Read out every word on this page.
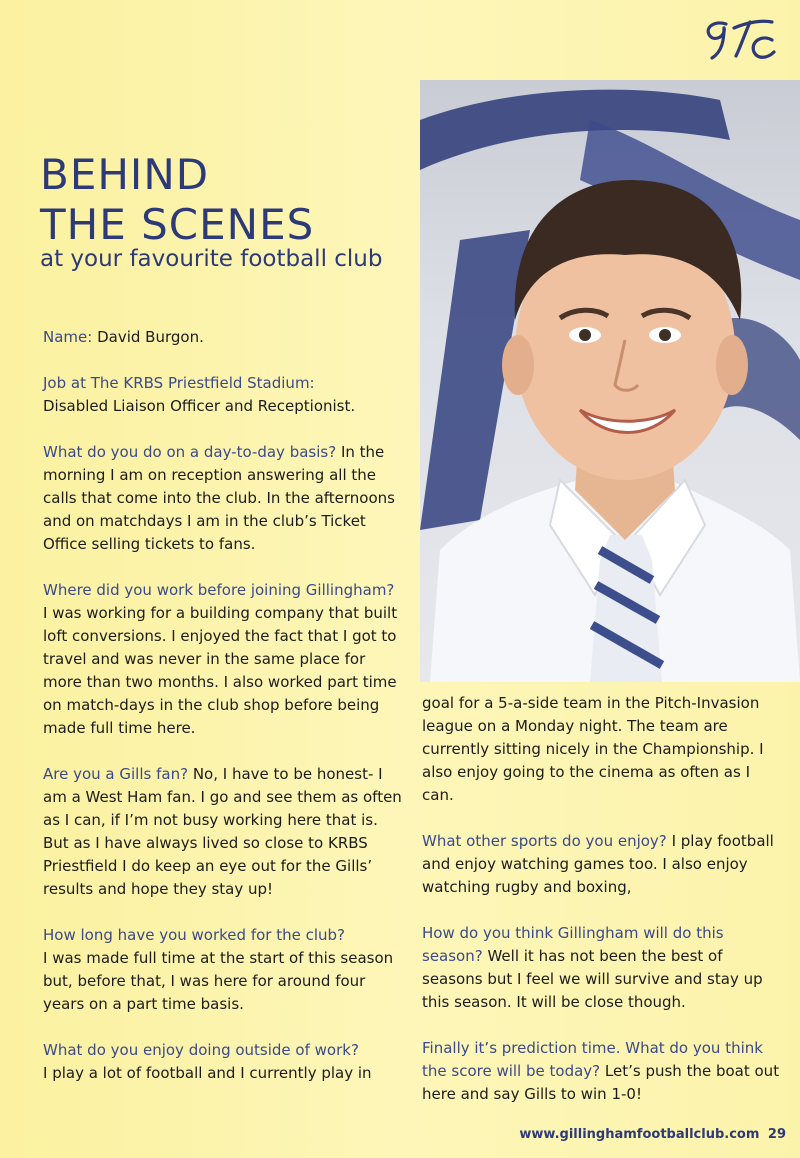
BEHIND
THE SCENES

at your favourite football club

Name: David Burgon.

Job at The KRBS Priestfield Stadium:
Disabled Liaison Officer and Receptionist.

What do you do on a day-to-day basis? In the morning I am on reception answering all the calls that come into the club. In the afternoons and on matchdays I am in the club’s Ticket Office selling tickets to fans.

Where did you work before joining Gillingham? I was working for a building company that built loft conversions. I enjoyed the fact that I got to travel and was never in the same place for more than two months. I also worked part time on match-days in the club shop before being made full time here.

Are you a Gills fan? No, I have to be honest- I am a West Ham fan. I go and see them as often as I can, if I’m not busy working here that is. But as I have always lived so close to KRBS Priestfield I do keep an eye out for the Gills’ results and hope they stay up!

How long have you worked for the club?
I was made full time at the start of this season but, before that, I was here for around four years on a part time basis.

What do you enjoy doing outside of work?
I play a lot of football and I currently play in

goal for a 5-a-side team in the Pitch-Invasion league on a Monday night. The team are currently sitting nicely in the Championship. I also enjoy going to the cinema as often as I can.

What other sports do you enjoy? I play football and enjoy watching games too. I also enjoy watching rugby and boxing,

How do you think Gillingham will do this season? Well it has not been the best of seasons but I feel we will survive and stay up this season. It will be close though.

Finally it’s prediction time. What do you think the score will be today? Let’s push the boat out here and say Gills to win 1-0!

www.gillinghamfootballclub.com 29
